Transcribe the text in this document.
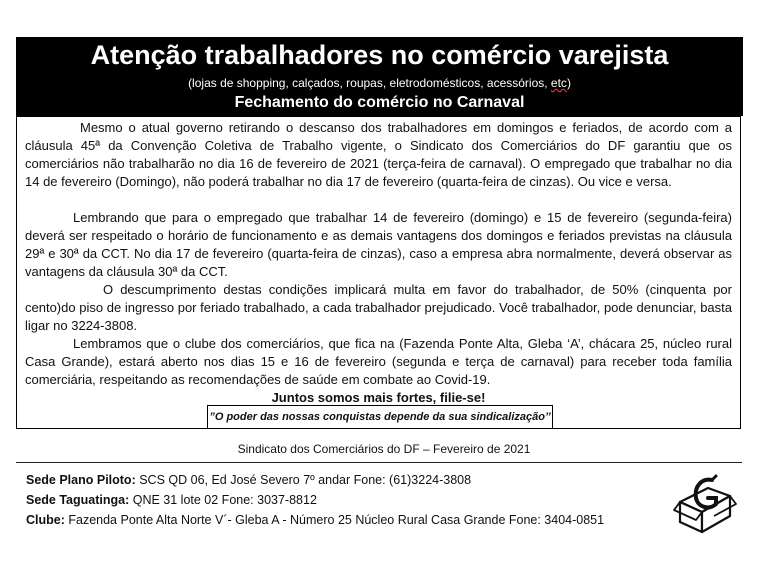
Atenção trabalhadores no comércio varejista
(lojas de shopping, calçados, roupas, eletrodomésticos, acessórios, etc)
Fechamento do comércio no Carnaval

Mesmo o atual governo retirando o descanso dos trabalhadores em domingos e feriados, de acordo com a cláusula 45ª da Convenção Coletiva de Trabalho vigente, o Sindicato dos Comerciários do DF garantiu que os comerciários não trabalharão no dia 16 de fevereiro de 2021 (terça-feira de carnaval). O empregado que trabalhar no dia 14 de fevereiro (Domingo), não poderá trabalhar no dia 17 de fevereiro (quarta-feira de cinzas). Ou vice e versa.

Lembrando que para o empregado que trabalhar 14 de fevereiro (domingo) e 15 de fevereiro (segunda-feira) deverá ser respeitado o horário de funcionamento e as demais vantagens dos domingos e feriados previstas na cláusula 29ª e 30ª da CCT. No dia 17 de fevereiro (quarta-feira de cinzas), caso a empresa abra normalmente, deverá observar as vantagens da cláusula 30ª da CCT.

O descumprimento destas condições implicará multa em favor do trabalhador, de 50% (cinquenta por cento)do piso de ingresso por feriado trabalhado, a cada trabalhador prejudicado. Você trabalhador, pode denunciar, basta ligar no 3224-3808.

Lembramos que o clube dos comerciários, que fica na (Fazenda Ponte Alta, Gleba ‘A’, chácara 25, núcleo rural Casa Grande), estará aberto nos dias 15 e 16 de fevereiro (segunda e terça de carnaval) para receber toda família comerciária, respeitando as recomendações de saúde em combate ao Covid-19.

Juntos somos mais fortes, filie-se!

”O poder das nossas conquistas depende da sua sindicalização’’
Sindicato dos Comerciários do DF – Fevereiro de 2021
Sede Plano Piloto: SCS QD 06, Ed José Severo 7º andar Fone: (61)3224-3808
Sede Taguatinga: QNE 31 lote 02 Fone: 3037-8812
Clube: Fazenda Ponte Alta Norte V´- Gleba A - Número 25 Núcleo Rural Casa Grande Fone: 3404-0851
